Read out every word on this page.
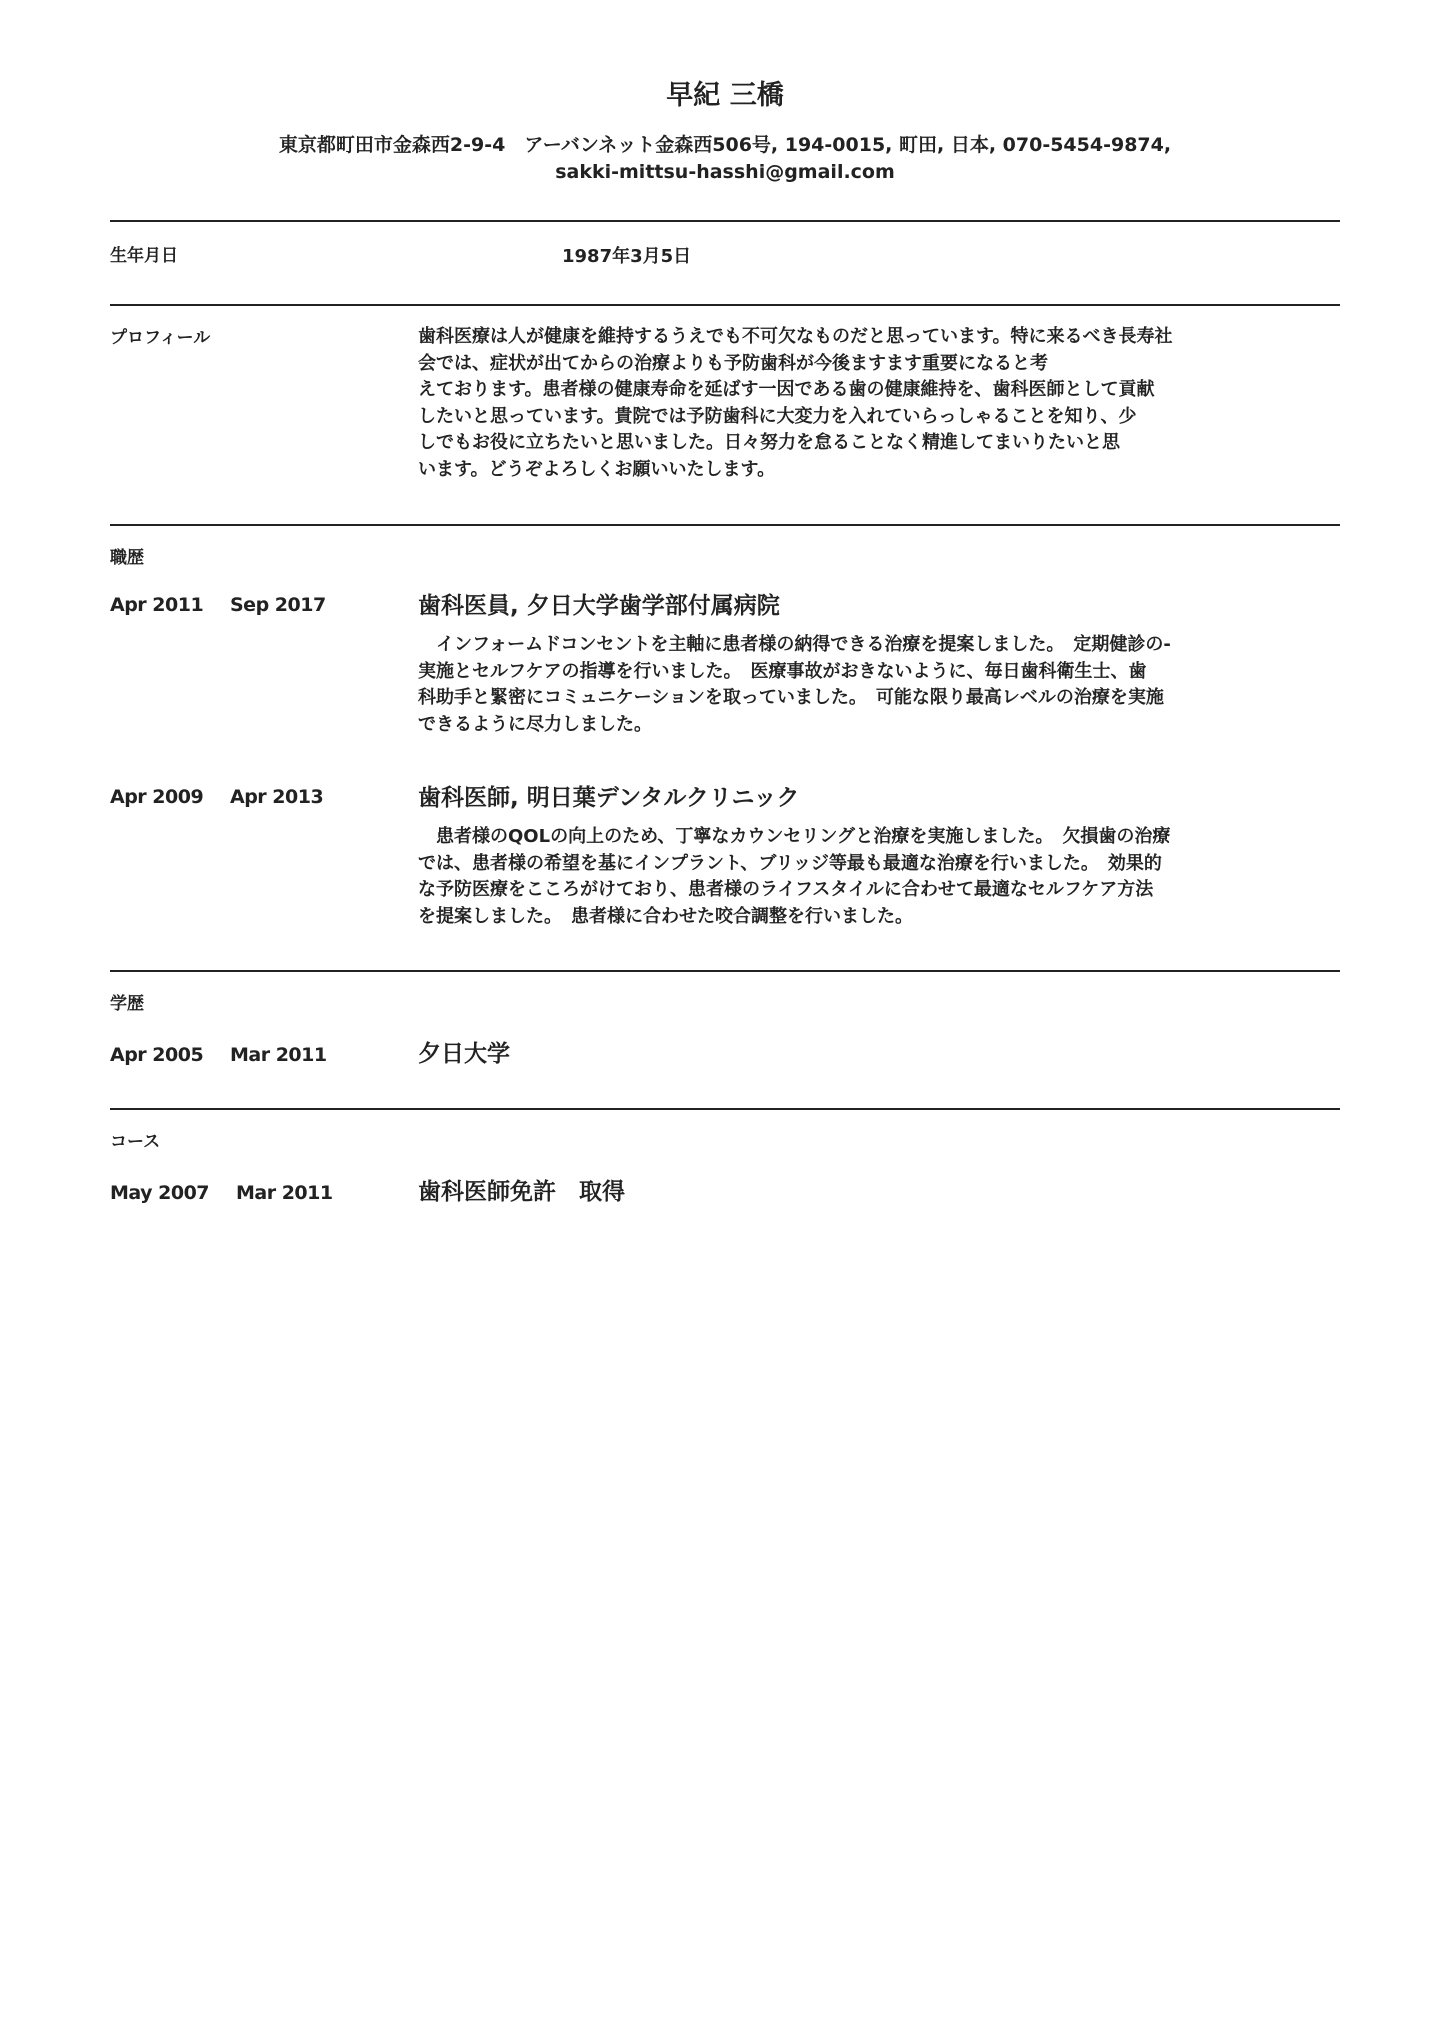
早紀 三橋
東京都町田市金森西2-9-4　アーバンネット金森西506号, 194-0015, 町田, 日本, 070-5454-9874,
sakki-mittsu-hasshi@gmail.com
生年月日	1987年3月5日
プロフィール	歯科医療は人が健康を維持するうえでも不可欠なものだと思っています。特に来るべき長寿社
会では、症状が出てからの治療よりも予防歯科が今後ますます重要になると考
えております。患者様の健康寿命を延ばす一因である歯の健康維持を、歯科医師として貢献
したいと思っています。貴院では予防歯科に大変力を入れていらっしゃることを知り、少
しでもお役に立ちたいと思いました。日々努力を怠ることなく精進してまいりたいと思
います。どうぞよろしくお願いいたします。
職歴
Apr 2011 Sep 2017	歯科医員, 夕日大学歯学部付属病院
　インフォームドコンセントを主軸に患者様の納得できる治療を提案しました。　定期健診の-
実施とセルフケアの指導を行いました。　医療事故がおきないように、毎日歯科衛生士、歯
科助手と緊密にコミュニケーションを取っていました。　可能な限り最高レベルの治療を実施
できるように尽力しました。
Apr 2009 Apr 2013	歯科医師, 明日葉デンタルクリニック
　患者様のQOLの向上のため、丁寧なカウンセリングと治療を実施しました。　欠損歯の治療
では、患者様の希望を基にインプラント、ブリッジ等最も最適な治療を行いました。　効果的
な予防医療をこころがけており、患者様のライフスタイルに合わせて最適なセルフケア方法
を提案しました。　患者様に合わせた咬合調整を行いました。
学歴
Apr 2005 Mar 2011	夕日大学
コース
May 2007 Mar 2011	歯科医師免許　取得
